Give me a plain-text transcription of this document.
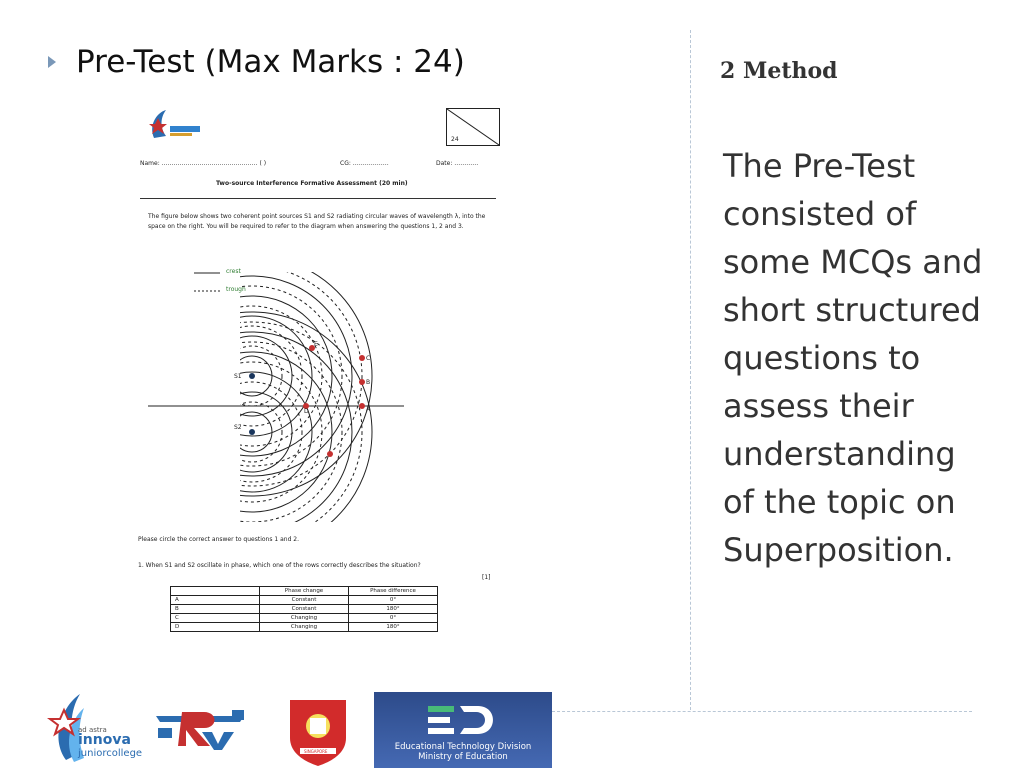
Pre-Test (Max Marks : 24)	2 Method
The Pre-Test consisted of some MCQs and short structured questions to assess their understanding of the topic on Superposition.
24
Name: ………………………………………… ( )	CG: ………………	Date: …………
Two-source Interference Formative Assessment (20 min)
The figure below shows two coherent point sources S1 and S2 radiating circular waves of wavelength λ, into the space on the right. You will be required to refer to the diagram when answering the questions 1, 2 and 3.
crest
trough
S1
S2
A
B
C
D
E
Please circle the correct answer to questions 1 and 2.
1. When S1 and S2 oscillate in phase, which one of the rows correctly describes the situation?
[1]
	Phase change	Phase difference
A	Constant	0°
B	Constant	180°
C	Changing	0°
D	Changing	180°
ad astra
innova
juniorcollege	SINGAPORE	Educational Technology Division
Ministry of Education
